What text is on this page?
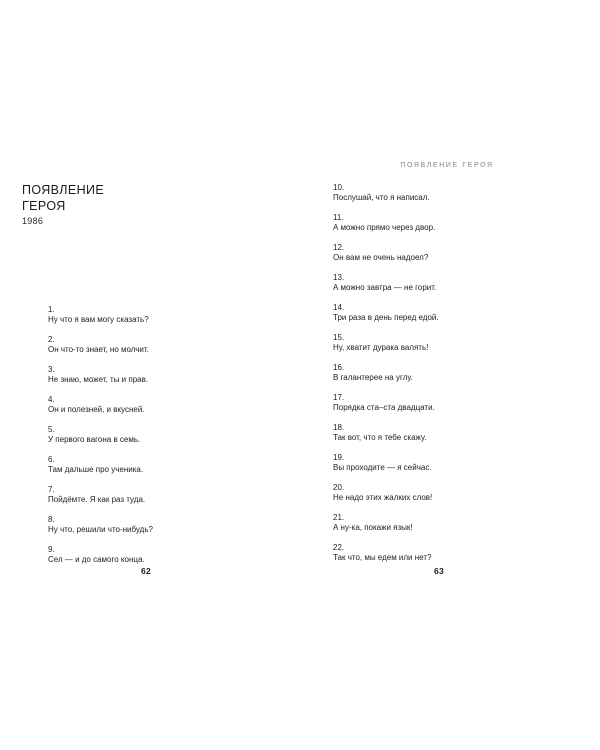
ПОЯВЛЕНИЕ
ГЕРОЯ
1986
1.
Ну что я вам могу сказать?
2.
Он что-то знает, но молчит.
3.
Не знаю, может, ты и прав.
4.
Он и полезней, и вкусней.
5.
У первого вагона в семь.
6.
Там дальше про ученика.
7.
Пойдёмте. Я как раз туда.
8.
Ну что, решили что-нибудь?
9.
Сел — и до самого конца.
62
ПОЯВЛЕНИЕ ГЕРОЯ
10.
Послушай, что я написал.
11.
А можно прямо через двор.
12.
Он вам не очень надоел?
13.
А можно завтра — не горит.
14.
Три раза в день перед едой.
15.
Ну, хватит дурака валять!
16.
В галантерее на углу.
17.
Порядка ста–ста двадцати.
18.
Так вот, что я тебе скажу.
19.
Вы проходите — я сейчас.
20.
Не надо этих жалких слов!
21.
А ну-ка, покажи язык!
22.
Так что, мы едем или нет?
63
